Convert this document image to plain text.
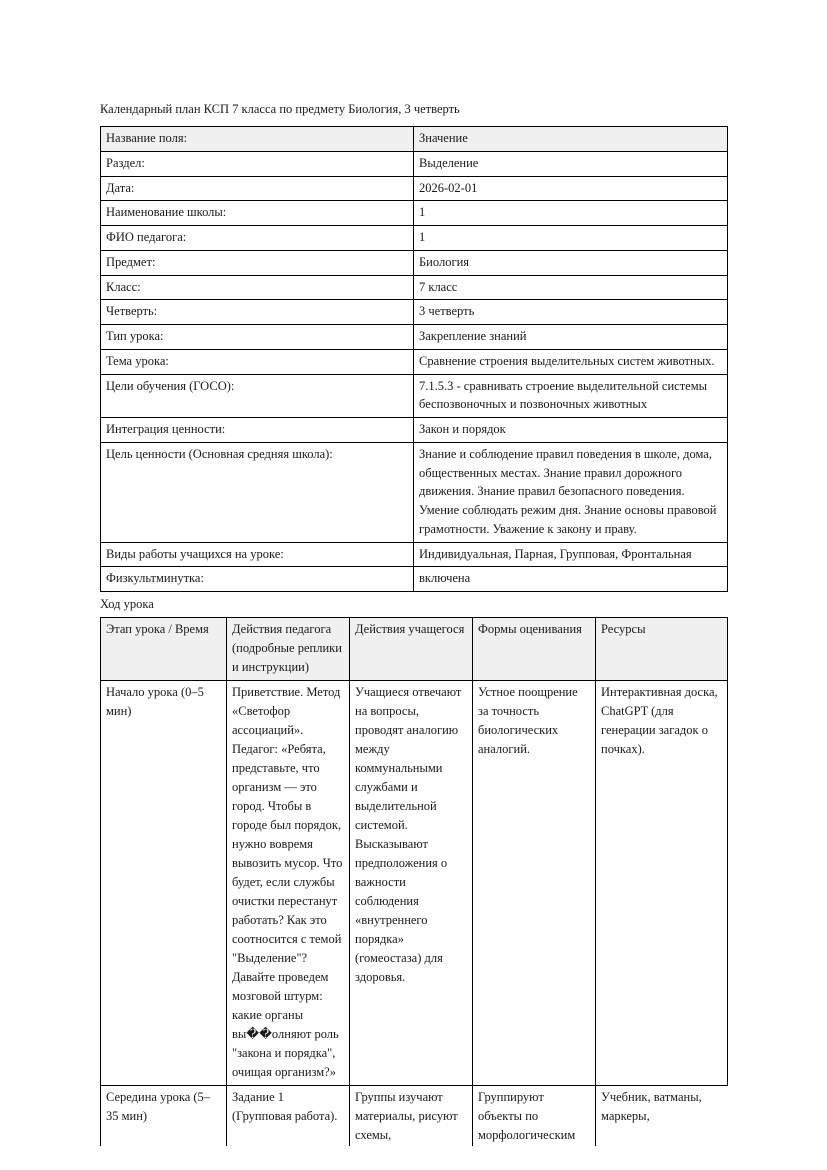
Календарный план КСП 7 класса по предмету Биология, 3 четверть

Название поля:	Значение
Раздел:	Выделение
Дата:	2026-02-01
Наименование школы:	1
ФИО педагога:	1
Предмет:	Биология
Класс:	7 класс
Четверть:	3 четверть
Тип урока:	Закрепление знаний
Тема урока:	Сравнение строения выделительных систем животных.
Цели обучения (ГОСО):	7.1.5.3 - сравнивать строение выделительной системы беспозвоночных и позвоночных животных
Интеграция ценности:	Закон и порядок
Цель ценности (Основная средняя школа):	Знание и соблюдение правил поведения в школе, дома, общественных местах. Знание правил дорожного движения. Знание правил безопасного поведения. Умение соблюдать режим дня. Знание основы правовой грамотности. Уважение к закону и праву.
Виды работы учащихся на уроке:	Индивидуальная, Парная, Групповая, Фронтальная
Физкультминутка:	включена

Ход урока

Этап урока / Время	Действия педагога (подробные реплики и инструкции)	Действия учащегося	Формы оценивания	Ресурсы
Начало урока (0–5 мин)	Приветствие. Метод «Светофор ассоциаций». Педагог: «Ребята, представьте, что организм — это город. Чтобы в городе был порядок, нужно вовремя вывозить мусор. Что будет, если службы очистки перестанут работать? Как это соотносится с темой "Выделение"? Давайте проведем мозговой штурм: какие органы вы��олняют роль "закона и порядка", очищая организм?»	Учащиеся отвечают на вопросы, проводят аналогию между коммунальными службами и выделительной системой. Высказывают предположения о важности соблюдения «внутреннего порядка» (гомеостаза) для здоровья.	Устное поощрение за точность биологических аналогий.	Интерактивная доска, ChatGPT (для генерации загадок о почках).
Середина урока (5–35 мин)	Задание 1 (Групповая работа).	Группы изучают материалы, рисуют схемы,	Группируют объекты по морфологическим	Учебник, ватманы, маркеры,
